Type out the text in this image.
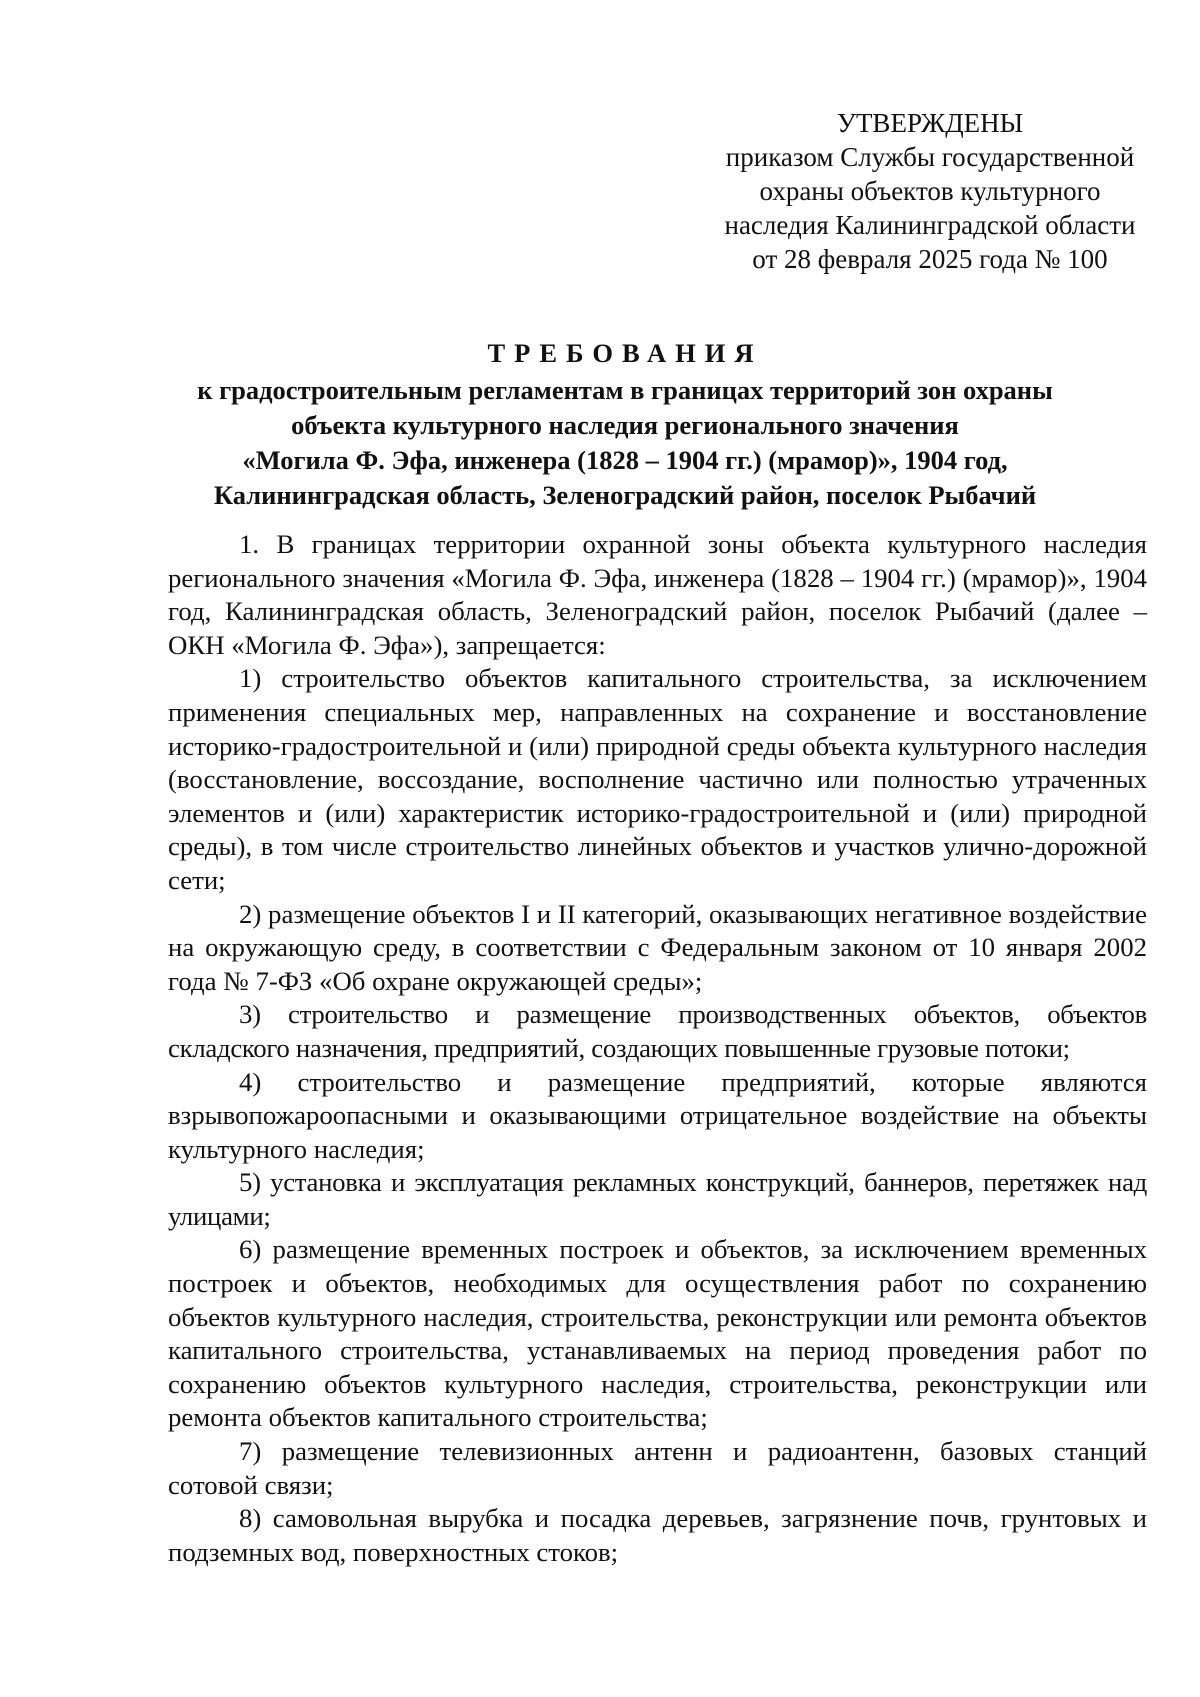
УТВЕРЖДЕНЫ
приказом Службы государственной
охраны объектов культурного
наследия Калининградской области
от 28 февраля 2025 года № 100
ТРЕБОВАНИЯ
к градостроительным регламентам в границах территорий зон охраны
объекта культурного наследия регионального значения
«Могила Ф. Эфа, инженера (1828 – 1904 гг.) (мрамор)», 1904 год,
Калининградская область, Зеленоградский район, поселок Рыбачий

1. В границах территории охранной зоны объекта культурного наследия регионального значения «Могила Ф. Эфа, инженера (1828 – 1904 гг.) (мрамор)», 1904 год, Калининградская область, Зеленоградский район, поселок Рыбачий (далее – ОКН «Могила Ф. Эфа»), запрещается:

1) строительство объектов капитального строительства, за исключением применения специальных мер, направленных на сохранение и восстановление историко-градостроительной и (или) природной среды объекта культурного наследия (восстановление, воссоздание, восполнение частично или полностью утраченных элементов и (или) характеристик историко-градостроительной и (или) природной среды), в том числе строительство линейных объектов и участков улично-дорожной сети;

2) размещение объектов I и II категорий, оказывающих негативное воздействие на окружающую среду, в соответствии с Федеральным законом от 10 января 2002 года № 7-ФЗ «Об охране окружающей среды»;

3) строительство и размещение производственных объектов, объектов складского назначения, предприятий, создающих повышенные грузовые потоки;

4) строительство и размещение предприятий, которые являются взрывопожароопасными и оказывающими отрицательное воздействие на объекты культурного наследия;

5) установка и эксплуатация рекламных конструкций, баннеров, перетяжек над улицами;

6) размещение временных построек и объектов, за исключением временных построек и объектов, необходимых для осуществления работ по сохранению объектов культурного наследия, строительства, реконструкции или ремонта объектов капитального строительства, устанавливаемых на период проведения работ по сохранению объектов культурного наследия, строительства, реконструкции или ремонта объектов капитального строительства;

7) размещение телевизионных антенн и радиоантенн, базовых станций сотовой связи;

8) самовольная вырубка и посадка деревьев, загрязнение почв, грунтовых и подземных вод, поверхностных стоков;
